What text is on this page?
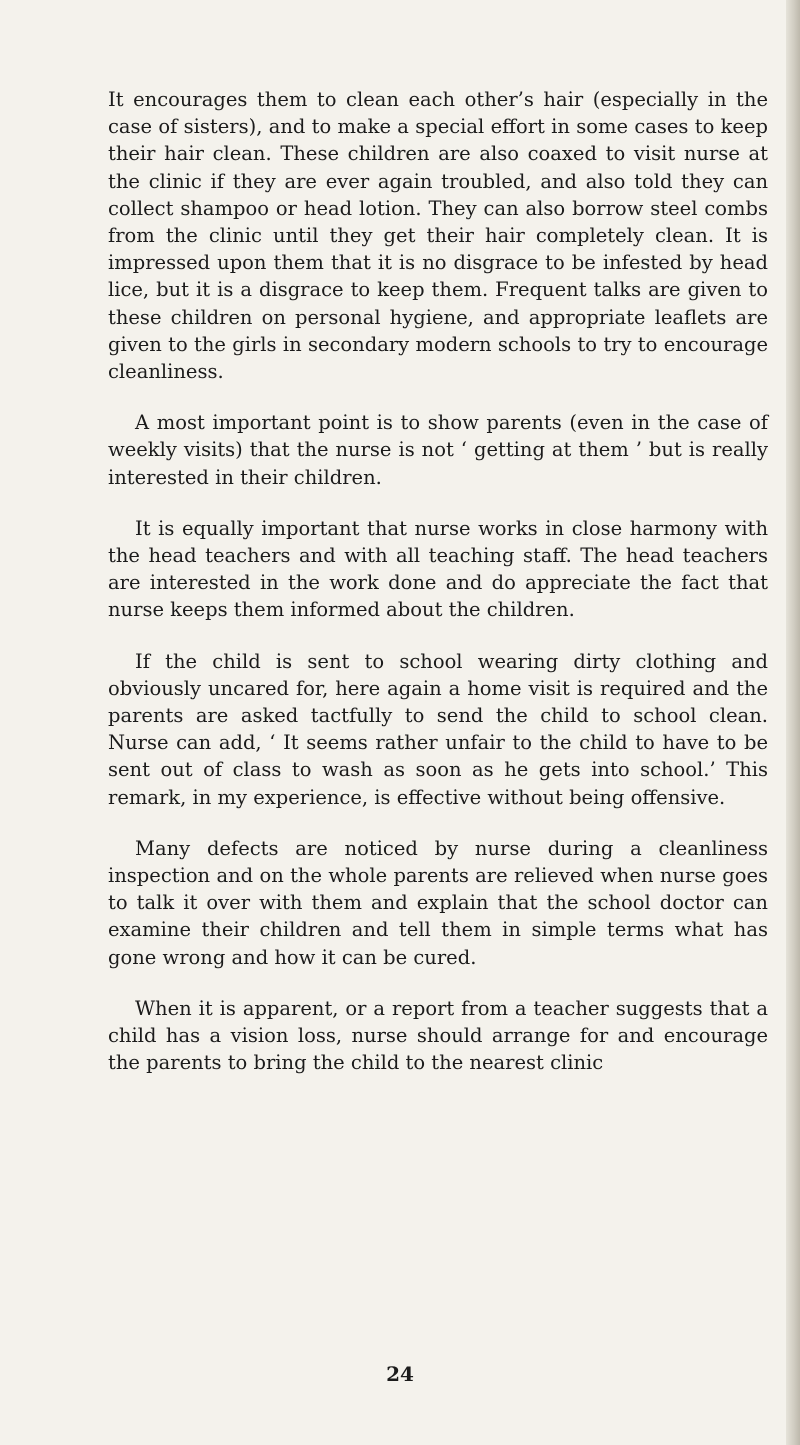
It encourages them to clean each other’s hair (especially in the case of sisters), and to make a special effort in some cases to keep their hair clean. These children are also coaxed to visit nurse at the clinic if they are ever again troubled, and also told they can collect shampoo or head lotion. They can also borrow steel combs from the clinic until they get their hair completely clean. It is impressed upon them that it is no disgrace to be infested by head lice, but it is a disgrace to keep them. Frequent talks are given to these children on personal hygiene, and appropriate leaflets are given to the girls in secondary modern schools to try to encourage cleanliness.

A most important point is to show parents (even in the case of weekly visits) that the nurse is not ‘ getting at them ’ but is really interested in their children.

It is equally important that nurse works in close harmony with the head teachers and with all teaching staff. The head teachers are interested in the work done and do appreciate the fact that nurse keeps them informed about the children.

If the child is sent to school wearing dirty clothing and obviously uncared for, here again a home visit is required and the parents are asked tactfully to send the child to school clean. Nurse can add, ‘ It seems rather unfair to the child to have to be sent out of class to wash as soon as he gets into school.’ This remark, in my experience, is effective without being offensive.

Many defects are noticed by nurse during a cleanliness inspection and on the whole parents are relieved when nurse goes to talk it over with them and explain that the school doctor can examine their children and tell them in simple terms what has gone wrong and how it can be cured.

When it is apparent, or a report from a teacher suggests that a child has a vision loss, nurse should arrange for and encourage the parents to bring the child to the nearest clinic

24
